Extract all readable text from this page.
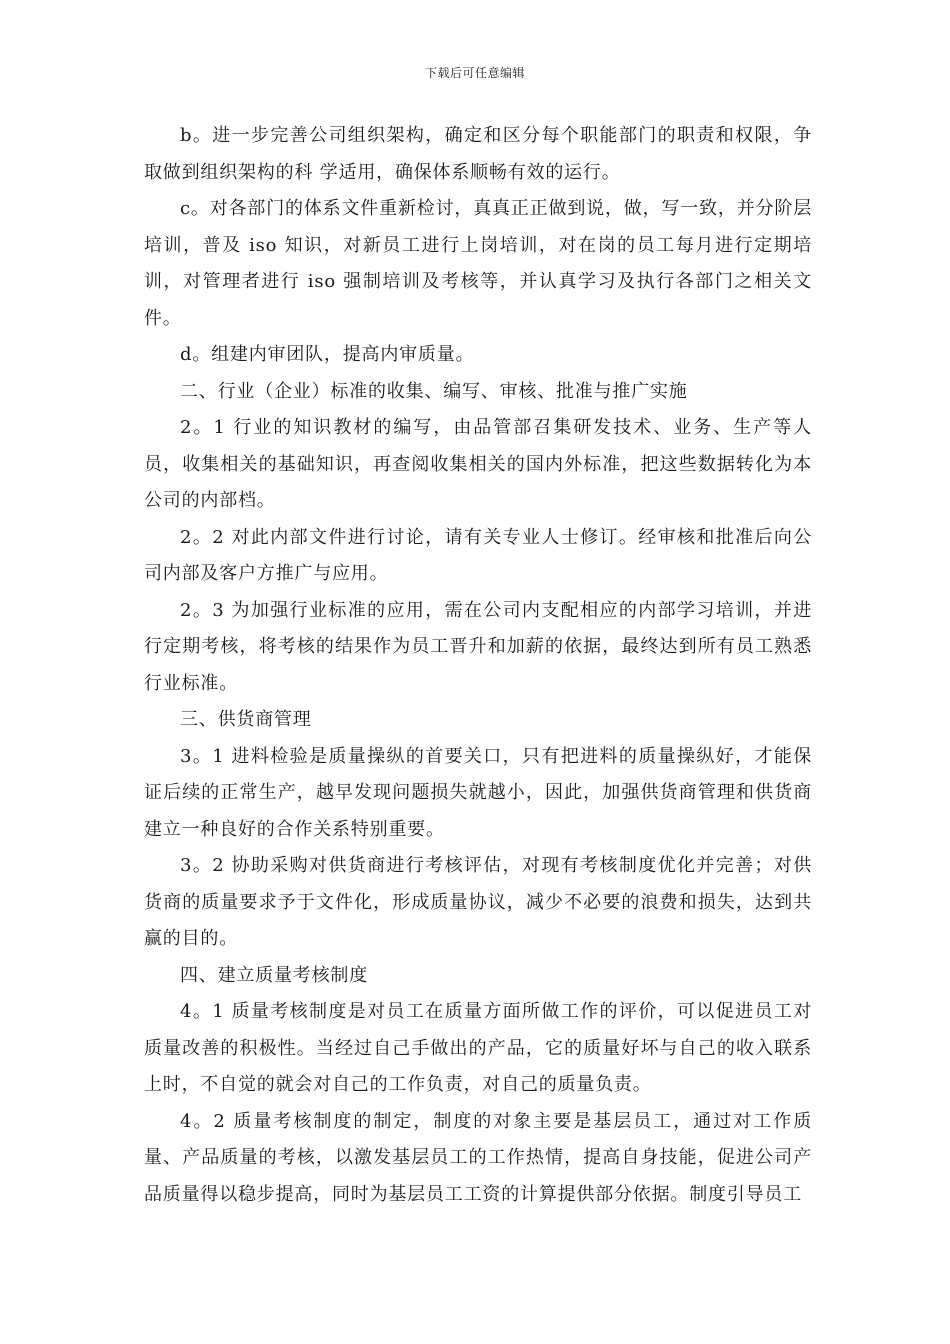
下载后可任意编辑

b。进一步完善公司组织架构，确定和区分每个职能部门的职责和权限，争取做到组织架构的科 学适用，确保体系顺畅有效的运行。

c。对各部门的体系文件重新检讨，真真正正做到说，做，写一致，并分阶层培训，普及 iso 知识，对新员工进行上岗培训，对在岗的员工每月进行定期培训，对管理者进行 iso 强制培训及考核等，并认真学习及执行各部门之相关文件。

d。组建内审团队，提高内审质量。

二、行业（企业）标准的收集、编写、审核、批准与推广实施

2。1 行业的知识教材的编写，由品管部召集研发技术、业务、生产等人员，收集相关的基础知识，再查阅收集相关的国内外标准，把这些数据转化为本公司的内部档。

2。2 对此内部文件进行讨论，请有关专业人士修订。经审核和批准后向公司内部及客户方推广与应用。

2。3 为加强行业标准的应用，需在公司内支配相应的内部学习培训，并进行定期考核，将考核的结果作为员工晋升和加薪的依据，最终达到所有员工熟悉行业标准。

三、供货商管理

3。1 进料检验是质量操纵的首要关口，只有把进料的质量操纵好，才能保证后续的正常生产，越早发现问题损失就越小，因此，加强供货商管理和供货商建立一种良好的合作关系特别重要。

3。2 协助采购对供货商进行考核评估，对现有考核制度优化并完善；对供货商的质量要求予于文件化，形成质量协议，减少不必要的浪费和损失，达到共赢的目的。

四、建立质量考核制度

4。1 质量考核制度是对员工在质量方面所做工作的评价，可以促进员工对质量改善的积极性。当经过自己手做出的产品，它的质量好坏与自己的收入联系上时，不自觉的就会对自己的工作负责，对自己的质量负责。

4。2 质量考核制度的制定，制度的对象主要是基层员工，通过对工作质量、产品质量的考核，以激发基层员工的工作热情，提高自身技能，促进公司产品质量得以稳步提高，同时为基层员工工资的计算提供部分依据。制度引导员工
